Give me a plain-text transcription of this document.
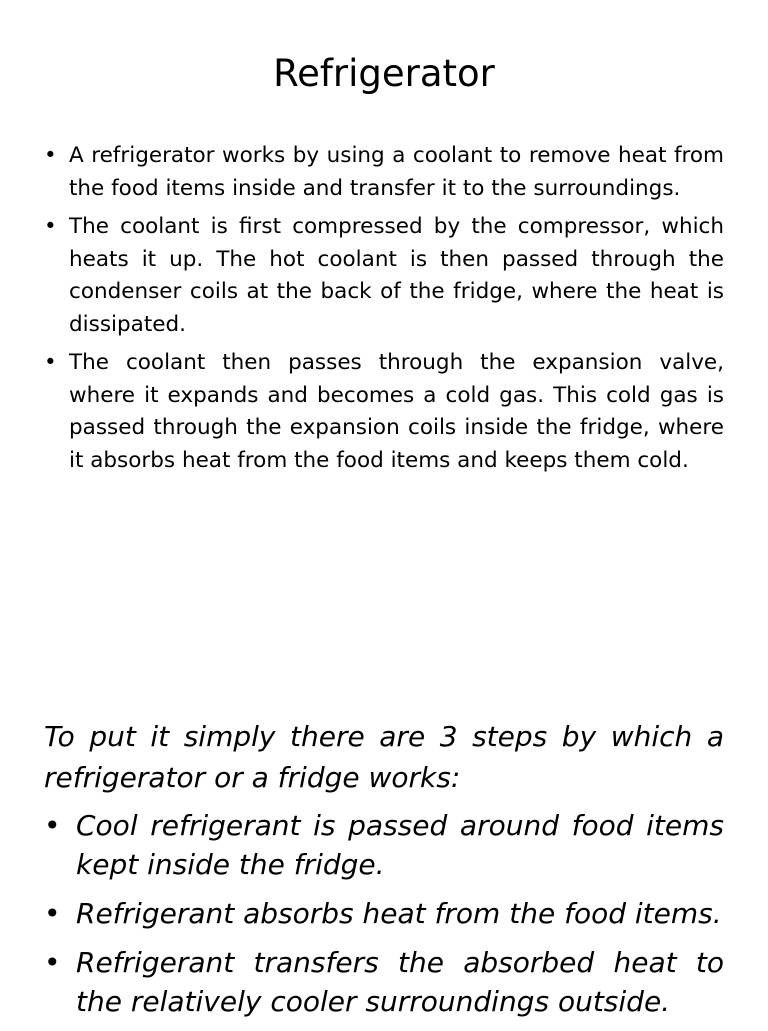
Refrigerator
• A refrigerator works by using a coolant to remove heat from the food items inside and transfer it to the surroundings.
• The coolant is first compressed by the compressor, which heats it up. The hot coolant is then passed through the condenser coils at the back of the fridge, where the heat is dissipated.
• The coolant then passes through the expansion valve, where it expands and becomes a cold gas. This cold gas is passed through the expansion coils inside the fridge, where it absorbs heat from the food items and keeps them cold.

To put it simply there are 3 steps by which a refrigerator or a fridge works:

• Cool refrigerant is passed around food items kept inside the fridge.
• Refrigerant absorbs heat from the food items.
• Refrigerant transfers the absorbed heat to the relatively cooler surroundings outside.
